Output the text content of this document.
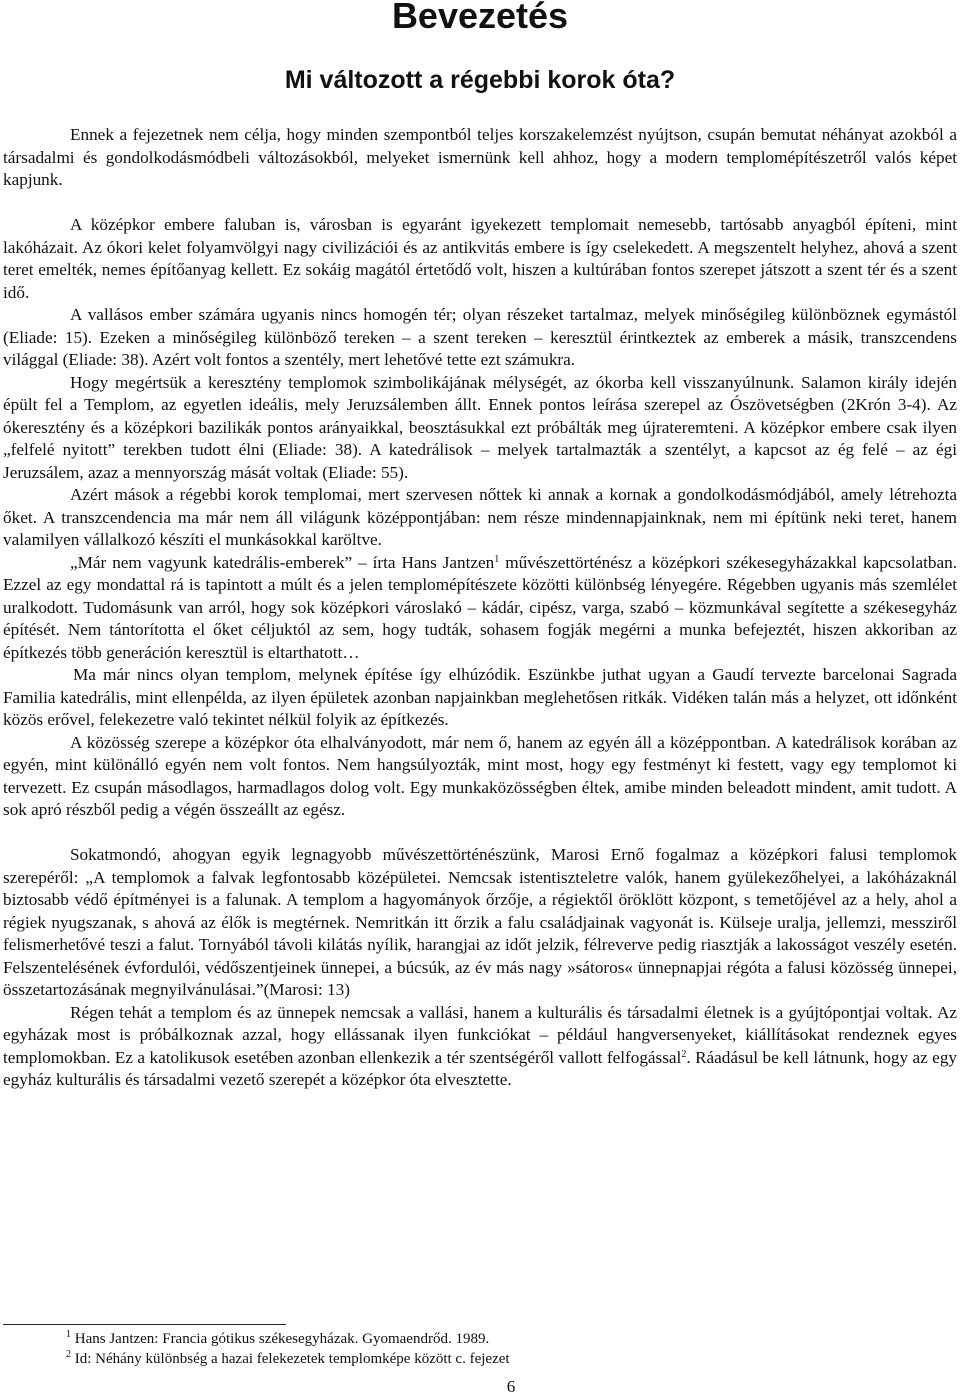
Bevezetés
Mi változott a régebbi korok óta?

Ennek a fejezetnek nem célja, hogy minden szempontból teljes korszakelemzést nyújtson, csupán bemutat néhányat azokból a társadalmi és gondolkodásmódbeli változásokból, melyeket ismernünk kell ahhoz, hogy a modern templomépítészetről valós képet kapjunk.

A középkor embere faluban is, városban is egyaránt igyekezett templomait nemesebb, tartósabb anyagból építeni, mint lakóházait. Az ókori kelet folyamvölgyi nagy civilizációi és az antikvitás embere is így cselekedett. A megszentelt helyhez, ahová a szent teret emelték, nemes építőanyag kellett. Ez sokáig magától értetődő volt, hiszen a kultúrában fontos szerepet játszott a szent tér és a szent idő.

A vallásos ember számára ugyanis nincs homogén tér; olyan részeket tartalmaz, melyek minőségileg különböznek egymástól (Eliade: 15). Ezeken a minőségileg különböző tereken – a szent tereken – keresztül érintkeztek az emberek a másik, transzcendens világgal (Eliade: 38). Azért volt fontos a szentély, mert lehetővé tette ezt számukra.

Hogy megértsük a keresztény templomok szimbolikájának mélységét, az ókorba kell visszanyúlnunk. Salamon király idején épült fel a Templom, az egyetlen ideális, mely Jeruzsálemben állt. Ennek pontos leírása szerepel az Ószövetségben (2Krón 3-4). Az ókeresztény és a középkori bazilikák pontos arányaikkal, beosztásukkal ezt próbálták meg újrateremteni. A középkor embere csak ilyen „felfelé nyitott” terekben tudott élni (Eliade: 38). A katedrálisok – melyek tartalmazták a szentélyt, a kapcsot az ég felé – az égi Jeruzsálem, azaz a mennyország mását voltak (Eliade: 55).

Azért mások a régebbi korok templomai, mert szervesen nőttek ki annak a kornak a gondolkodásmódjából, amely létrehozta őket. A transzcendencia ma már nem áll világunk középpontjában: nem része mindennapjainknak, nem mi építünk neki teret, hanem valamilyen vállalkozó készíti el munkásokkal karöltve.

„Már nem vagyunk katedrális-emberek” – írta Hans Jantzen$^1$ művészettörténész a középkori székesegyházakkal kapcsolatban. Ezzel az egy mondattal rá is tapintott a múlt és a jelen templomépítészete közötti különbség lényegére. Régebben ugyanis más szemlélet uralkodott. Tudomásunk van arról, hogy sok középkori városlakó – kádár, cipész, varga, szabó – közmunkával segítette a székesegyház építését. Nem tántorította el őket céljuktól az sem, hogy tudták, sohasem fogják megérni a munka befejeztét, hiszen akkoriban az építkezés több generáción keresztül is eltarthatott…

Ma már nincs olyan templom, melynek építése így elhúzódik. Eszünkbe juthat ugyan a Gaudí tervezte barcelonai Sagrada Familia katedrális, mint ellenpélda, az ilyen épületek azonban napjainkban meglehetősen ritkák. Vidéken talán más a helyzet, ott időnként közös erővel, felekezetre való tekintet nélkül folyik az építkezés.

A közösség szerepe a középkor óta elhalványodott, már nem ő, hanem az egyén áll a középpontban. A katedrálisok korában az egyén, mint különálló egyén nem volt fontos. Nem hangsúlyozták, mint most, hogy egy festményt ki festett, vagy egy templomot ki tervezett. Ez csupán másodlagos, harmadlagos dolog volt. Egy munkaközösségben éltek, amibe minden beleadott mindent, amit tudott. A sok apró részből pedig a végén összeállt az egész.

Sokatmondó, ahogyan egyik legnagyobb művészettörténészünk, Marosi Ernő fogalmaz a középkori falusi templomok szerepéről: „A templomok a falvak legfontosabb középületei. Nemcsak istentiszteletre valók, hanem gyülekezőhelyei, a lakóházaknál biztosabb védő építményei is a falunak. A templom a hagyományok őrzője, a régiektől öröklött központ, s temetőjével az a hely, ahol a régiek nyugszanak, s ahová az élők is megtérnek. Nemritkán itt őrzik a falu családjainak vagyonát is. Külseje uralja, jellemzi, messziről felismerhetővé teszi a falut. Tornyából távoli kilátás nyílik, harangjai az időt jelzik, félreverve pedig riasztják a lakosságot veszély esetén. Felszentelésének évfordulói, védőszentjeinek ünnepei, a búcsúk, az év más nagy »sátoros« ünnepnapjai régóta a falusi közösség ünnepei, összetartozásának megnyilvánulásai.”(Marosi: 13)

Régen tehát a templom és az ünnepek nemcsak a vallási, hanem a kulturális és társadalmi életnek is a gyújtópontjai voltak. Az egyházak most is próbálkoznak azzal, hogy ellássanak ilyen funkciókat – például hangversenyeket, kiállításokat rendeznek egyes templomokban. Ez a katolikusok esetében azonban ellenkezik a tér szentségéről vallott felfogással$^2$. Ráadásul be kell látnunk, hogy az egy egyház kulturális és társadalmi vezető szerepét a középkor óta elvesztette.

$^1$ Hans Jantzen: Francia gótikus székesegyházak. Gyomaendrőd. 1989.
$^2$ Id: Néhány különbség a hazai felekezetek templomképe között c. fejezet
6
